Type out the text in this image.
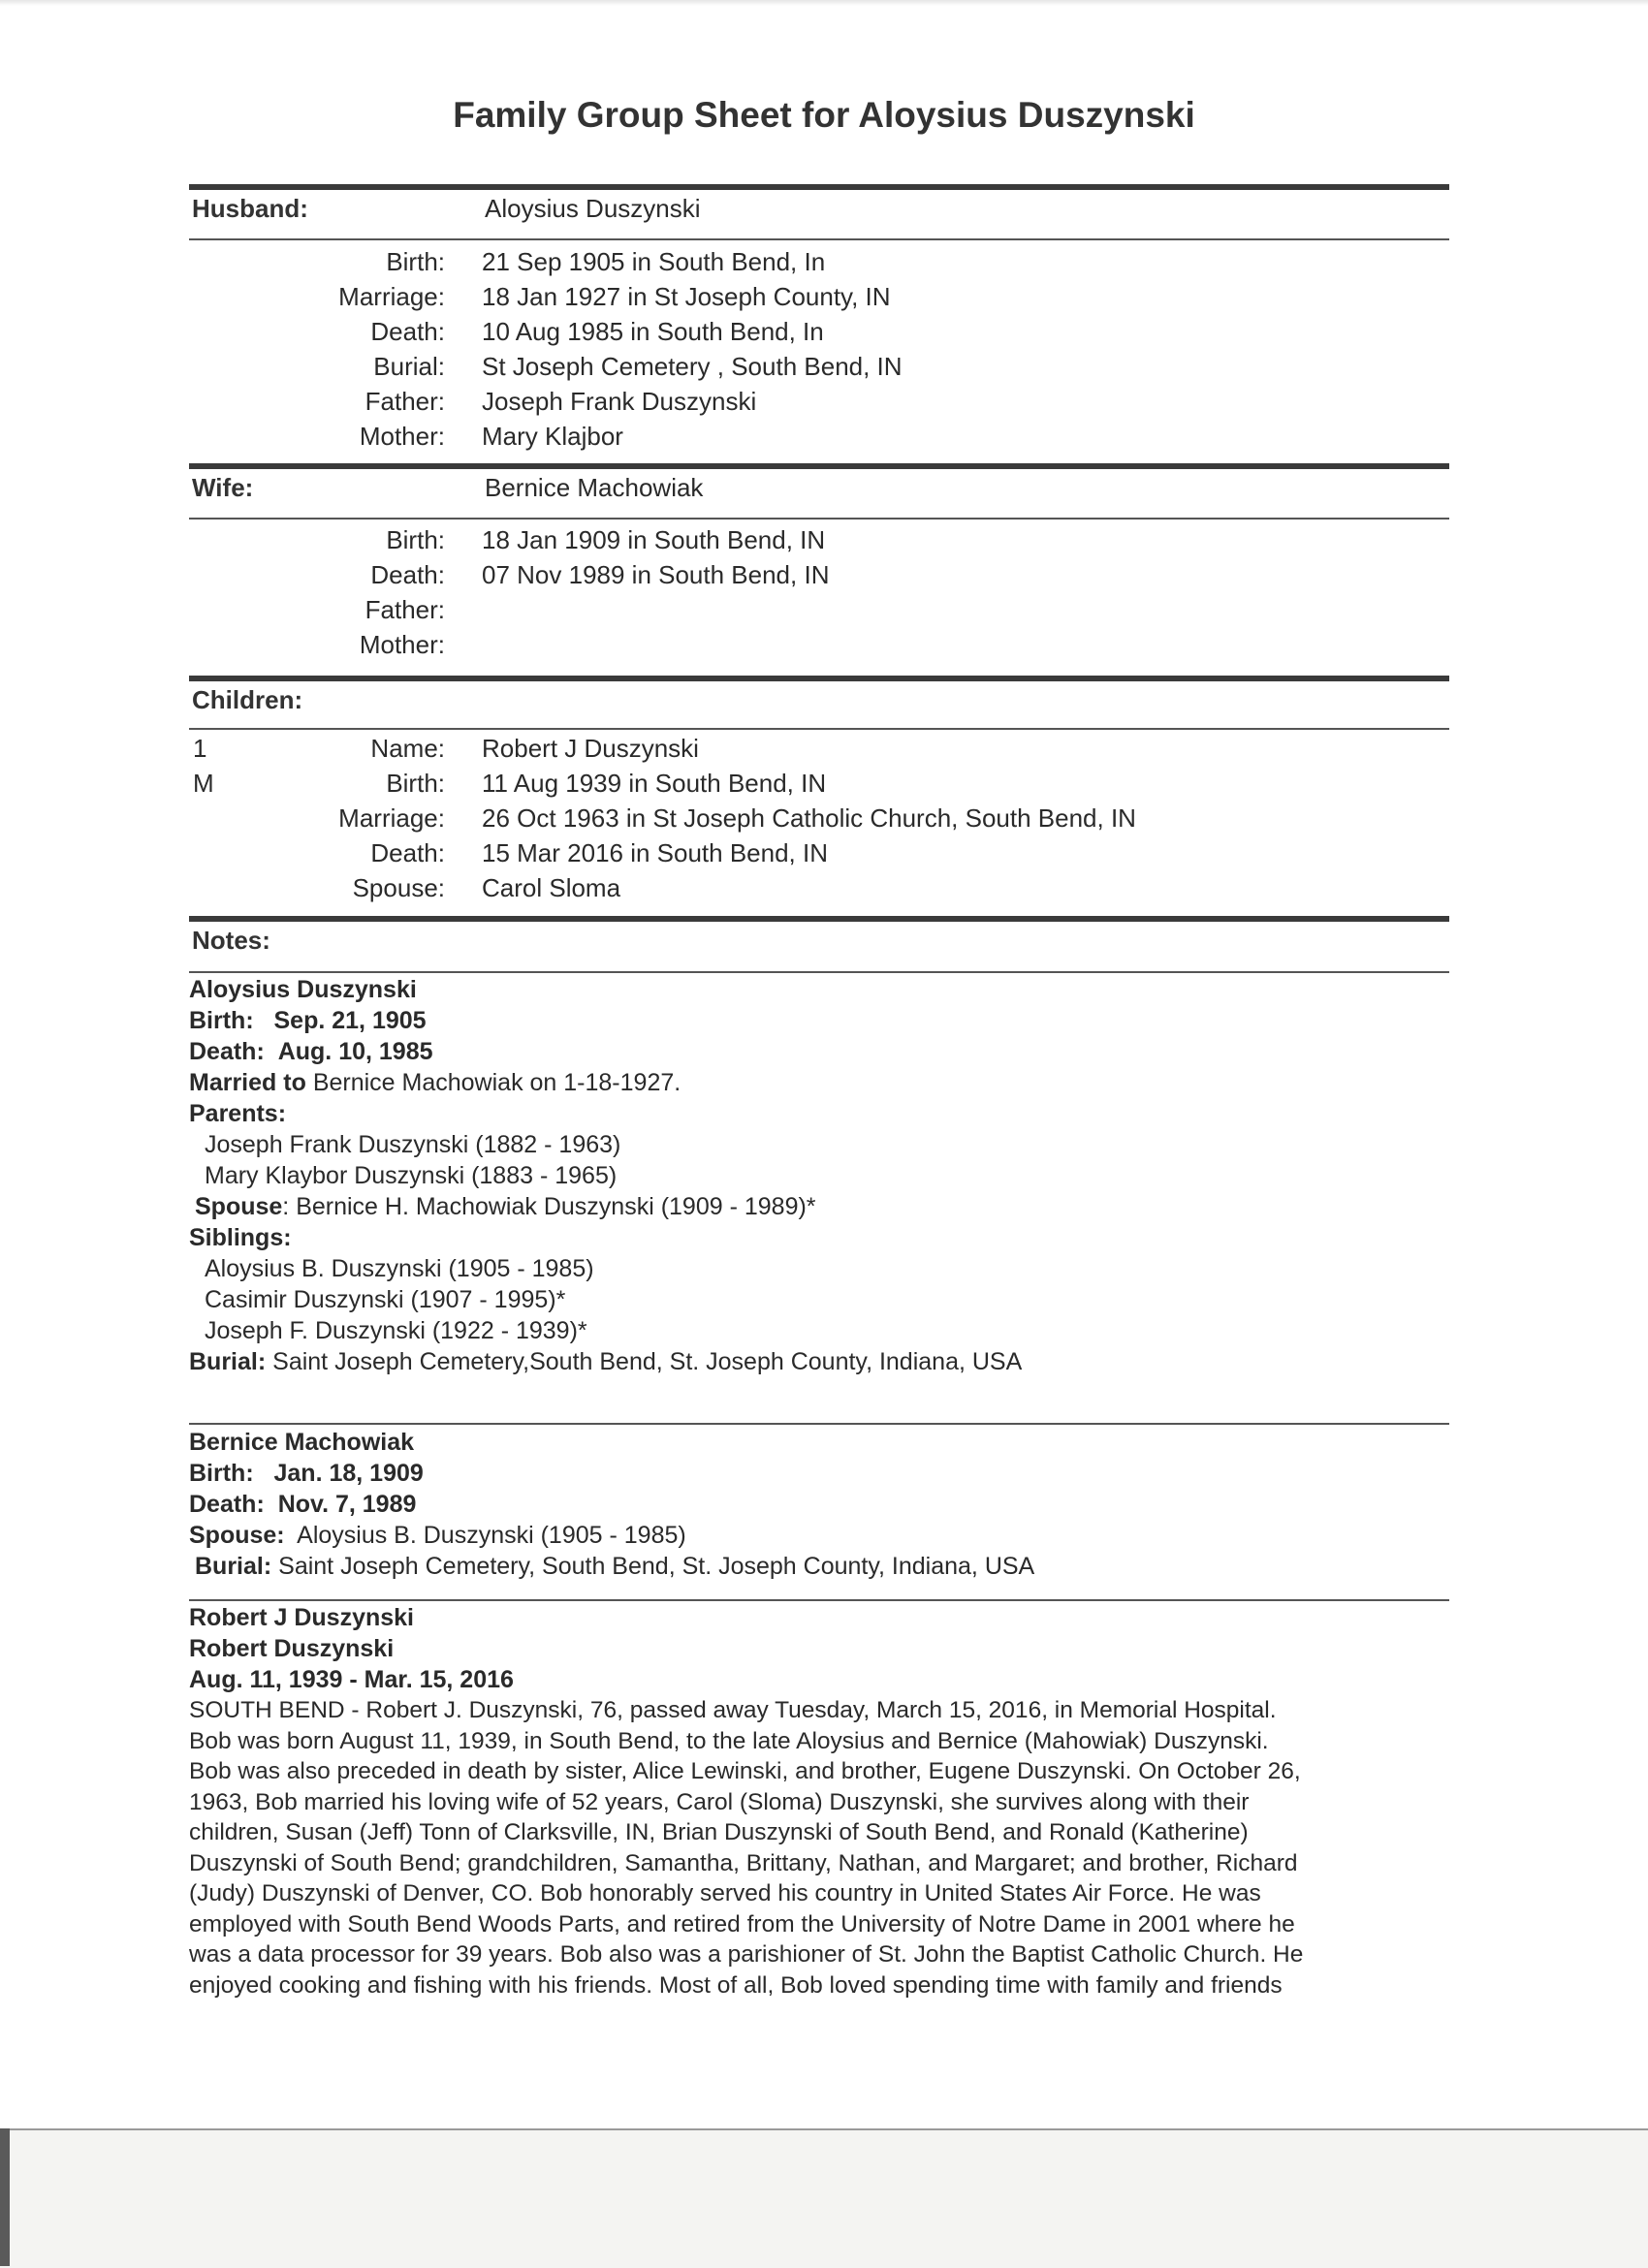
Family Group Sheet for Aloysius Duszynski
Husband:	Aloysius Duszynski
Birth: 21 Sep 1905 in South Bend, In
Marriage: 18 Jan 1927 in St Joseph County, IN
Death: 10 Aug 1985 in South Bend, In
Burial: St Joseph Cemetery , South Bend, IN
Father: Joseph Frank Duszynski
Mother: Mary Klajbor
Wife:	Bernice Machowiak
Birth: 18 Jan 1909 in South Bend, IN
Death: 07 Nov 1989 in South Bend, IN
Father:
Mother:
Children:
1	Name: Robert J Duszynski
M	Birth: 11 Aug 1939 in South Bend, IN
Marriage: 26 Oct 1963 in St Joseph Catholic Church, South Bend, IN
Death: 15 Mar 2016 in South Bend, IN
Spouse: Carol Sloma
Notes:
Aloysius Duszynski
Birth: Sep. 21, 1905
Death: Aug. 10, 1985
Married to Bernice Machowiak on 1-18-1927.
Parents:
Joseph Frank Duszynski (1882 - 1963)
Mary Klaybor Duszynski (1883 - 1965)
Spouse: Bernice H. Machowiak Duszynski (1909 - 1989)*
Siblings:
Aloysius B. Duszynski (1905 - 1985)
Casimir Duszynski (1907 - 1995)*
Joseph F. Duszynski (1922 - 1939)*
Burial: Saint Joseph Cemetery,South Bend, St. Joseph County, Indiana, USA
Bernice Machowiak
Birth: Jan. 18, 1909
Death: Nov. 7, 1989
Spouse: Aloysius B. Duszynski (1905 - 1985)
Burial: Saint Joseph Cemetery, South Bend, St. Joseph County, Indiana, USA
Robert J Duszynski
Robert Duszynski
Aug. 11, 1939 - Mar. 15, 2016
SOUTH BEND - Robert J. Duszynski, 76, passed away Tuesday, March 15, 2016, in Memorial Hospital.
Bob was born August 11, 1939, in South Bend, to the late Aloysius and Bernice (Mahowiak) Duszynski.
Bob was also preceded in death by sister, Alice Lewinski, and brother, Eugene Duszynski. On October 26,
1963, Bob married his loving wife of 52 years, Carol (Sloma) Duszynski, she survives along with their
children, Susan (Jeff) Tonn of Clarksville, IN, Brian Duszynski of South Bend, and Ronald (Katherine)
Duszynski of South Bend; grandchildren, Samantha, Brittany, Nathan, and Margaret; and brother, Richard
(Judy) Duszynski of Denver, CO. Bob honorably served his country in United States Air Force. He was
employed with South Bend Woods Parts, and retired from the University of Notre Dame in 2001 where he
was a data processor for 39 years. Bob also was a parishioner of St. John the Baptist Catholic Church. He
enjoyed cooking and fishing with his friends. Most of all, Bob loved spending time with family and friends
